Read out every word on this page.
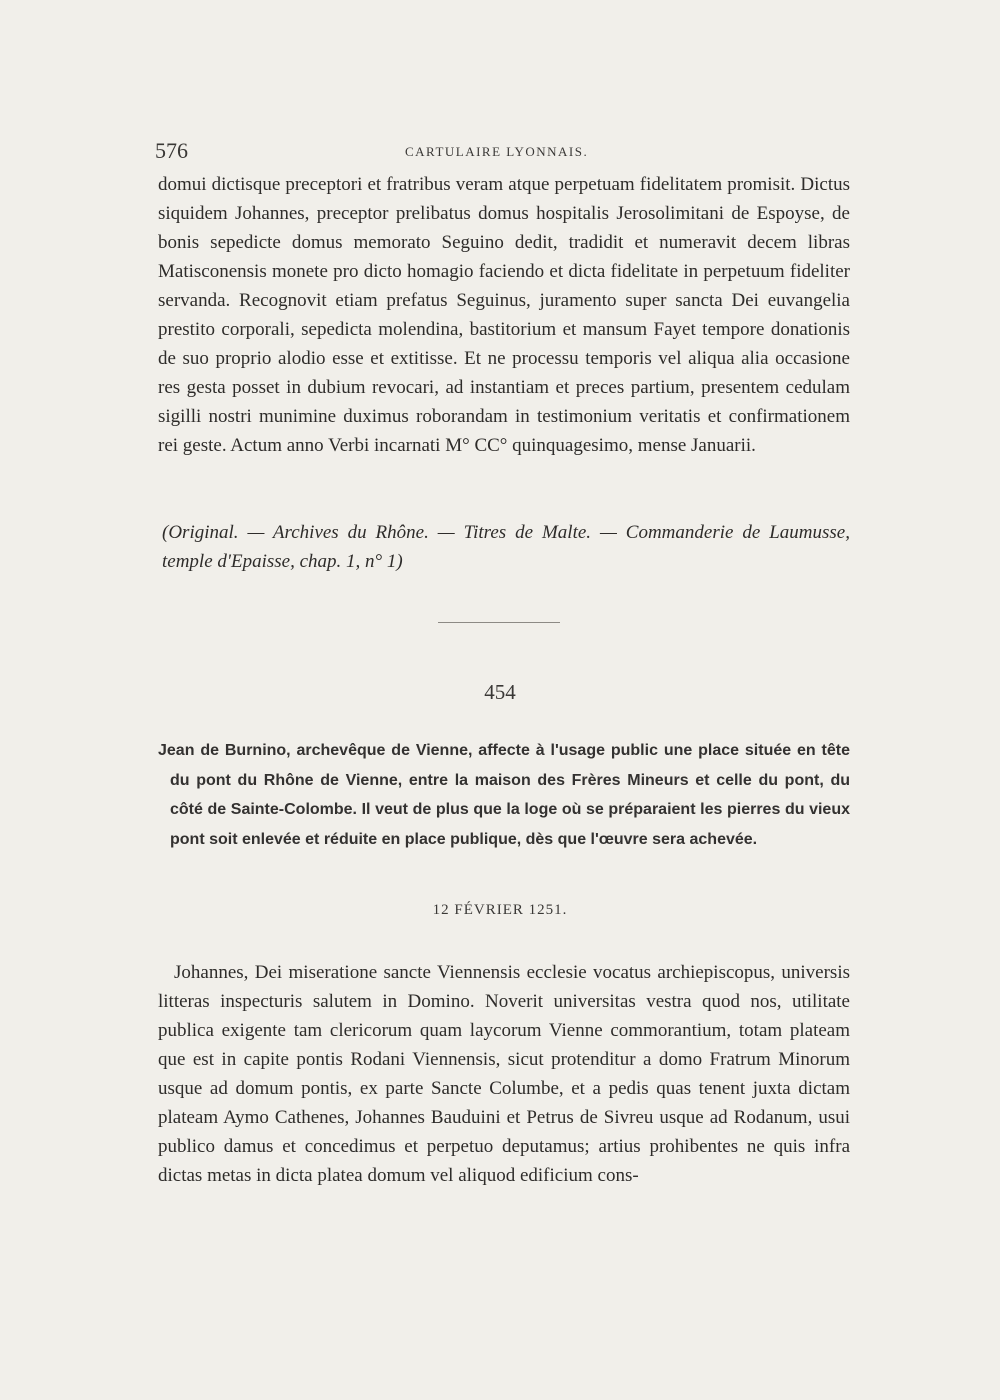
576	CARTULAIRE LYONNAIS.

domui dictisque preceptori et fratribus veram atque perpetuam fidelitatem promisit. Dictus siquidem Johannes, preceptor prelibatus domus hospitalis Jerosolimitani de Espoyse, de bonis sepedicte domus memorato Seguino dedit, tradidit et numeravit decem libras Matisconensis monete pro dicto homagio faciendo et dicta fidelitate in perpetuum fideliter servanda. Recognovit etiam prefatus Seguinus, juramento super sancta Dei euvangelia prestito corporali, sepedicta molendina, bastitorium et mansum Fayet tempore donationis de suo proprio alodio esse et extitisse. Et ne processu temporis vel aliqua alia occasione res gesta posset in dubium revocari, ad instantiam et preces partium, presentem cedulam sigilli nostri munimine duximus roborandam in testimonium veritatis et confirmationem rei geste. Actum anno Verbi incarnati M° CC° quinquagesimo, mense Januarii.

(Original. — Archives du Rhône. — Titres de Malte. — Commanderie de Laumusse, temple d'Epaisse, chap. 1, n° 1)

454

Jean de Burnino, archevêque de Vienne, affecte à l'usage public une place située en tête du pont du Rhône de Vienne, entre la maison des Frères Mineurs et celle du pont, du côté de Sainte-Colombe. Il veut de plus que la loge où se préparaient les pierres du vieux pont soit enlevée et réduite en place publique, dès que l'œuvre sera achevée.

12 FÉVRIER 1251.

Johannes, Dei miseratione sancte Viennensis ecclesie vocatus archiepiscopus, universis litteras inspecturis salutem in Domino. Noverit universitas vestra quod nos, utilitate publica exigente tam clericorum quam laycorum Vienne commorantium, totam plateam que est in capite pontis Rodani Viennensis, sicut protenditur a domo Fratrum Minorum usque ad domum pontis, ex parte Sancte Columbe, et a pedis quas tenent juxta dictam plateam Aymo Cathenes, Johannes Bauduini et Petrus de Sivreu usque ad Rodanum, usui publico damus et concedimus et perpetuo deputamus; artius prohibentes ne quis infra dictas metas in dicta platea domum vel aliquod edificium cons-
